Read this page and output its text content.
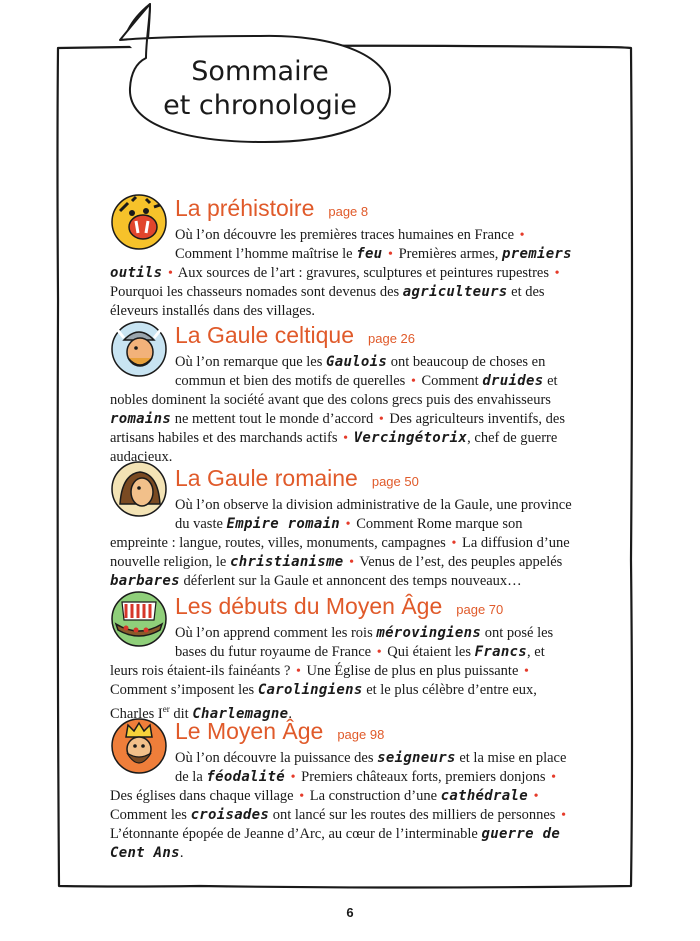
Sommaire
et chronologie
La préhistoire page 8

Où l’on découvre les premières traces humaines en France • Comment l’homme maîtrise le feu • Premières armes, premiers outils • Aux sources de l’art : gravures, sculptures et peintures rupestres • Pourquoi les chasseurs nomades sont devenus des agriculteurs et des éleveurs installés dans des villages.

La Gaule celtique page 26

Où l’on remarque que les Gaulois ont beaucoup de choses en commun et bien des motifs de querelles • Comment druides et nobles dominent la société avant que des colons grecs puis des envahisseurs romains ne mettent tout le monde d’accord • Des agriculteurs inventifs, des artisans habiles et des marchands actifs • Vercingétorix, chef de guerre audacieux.

La Gaule romaine page 50

Où l’on observe la division administrative de la Gaule, une province du vaste Empire romain • Comment Rome marque son empreinte : langue, routes, villes, monuments, campagnes • La diffusion d’une nouvelle religion, le christianisme • Venus de l’est, des peuples appelés barbares déferlent sur la Gaule et annoncent des temps nouveaux…

Les débuts du Moyen Âge page 70

Où l’on apprend comment les rois mérovingiens ont posé les bases du futur royaume de France • Qui étaient les Francs, et leurs rois étaient-ils fainéants ? • Une Église de plus en plus puissante • Comment s’imposent les Carolingiens et le plus célèbre d’entre eux, Charles Ier dit Charlemagne.

Le Moyen Âge page 98

Où l’on découvre la puissance des seigneurs et la mise en place de la féodalité • Premiers châteaux forts, premiers donjons • Des églises dans chaque village • La construction d’une cathédrale • Comment les croisades ont lancé sur les routes des milliers de personnes • L’étonnante épopée de Jeanne d’Arc, au cœur de l’interminable guerre de Cent Ans.

6
